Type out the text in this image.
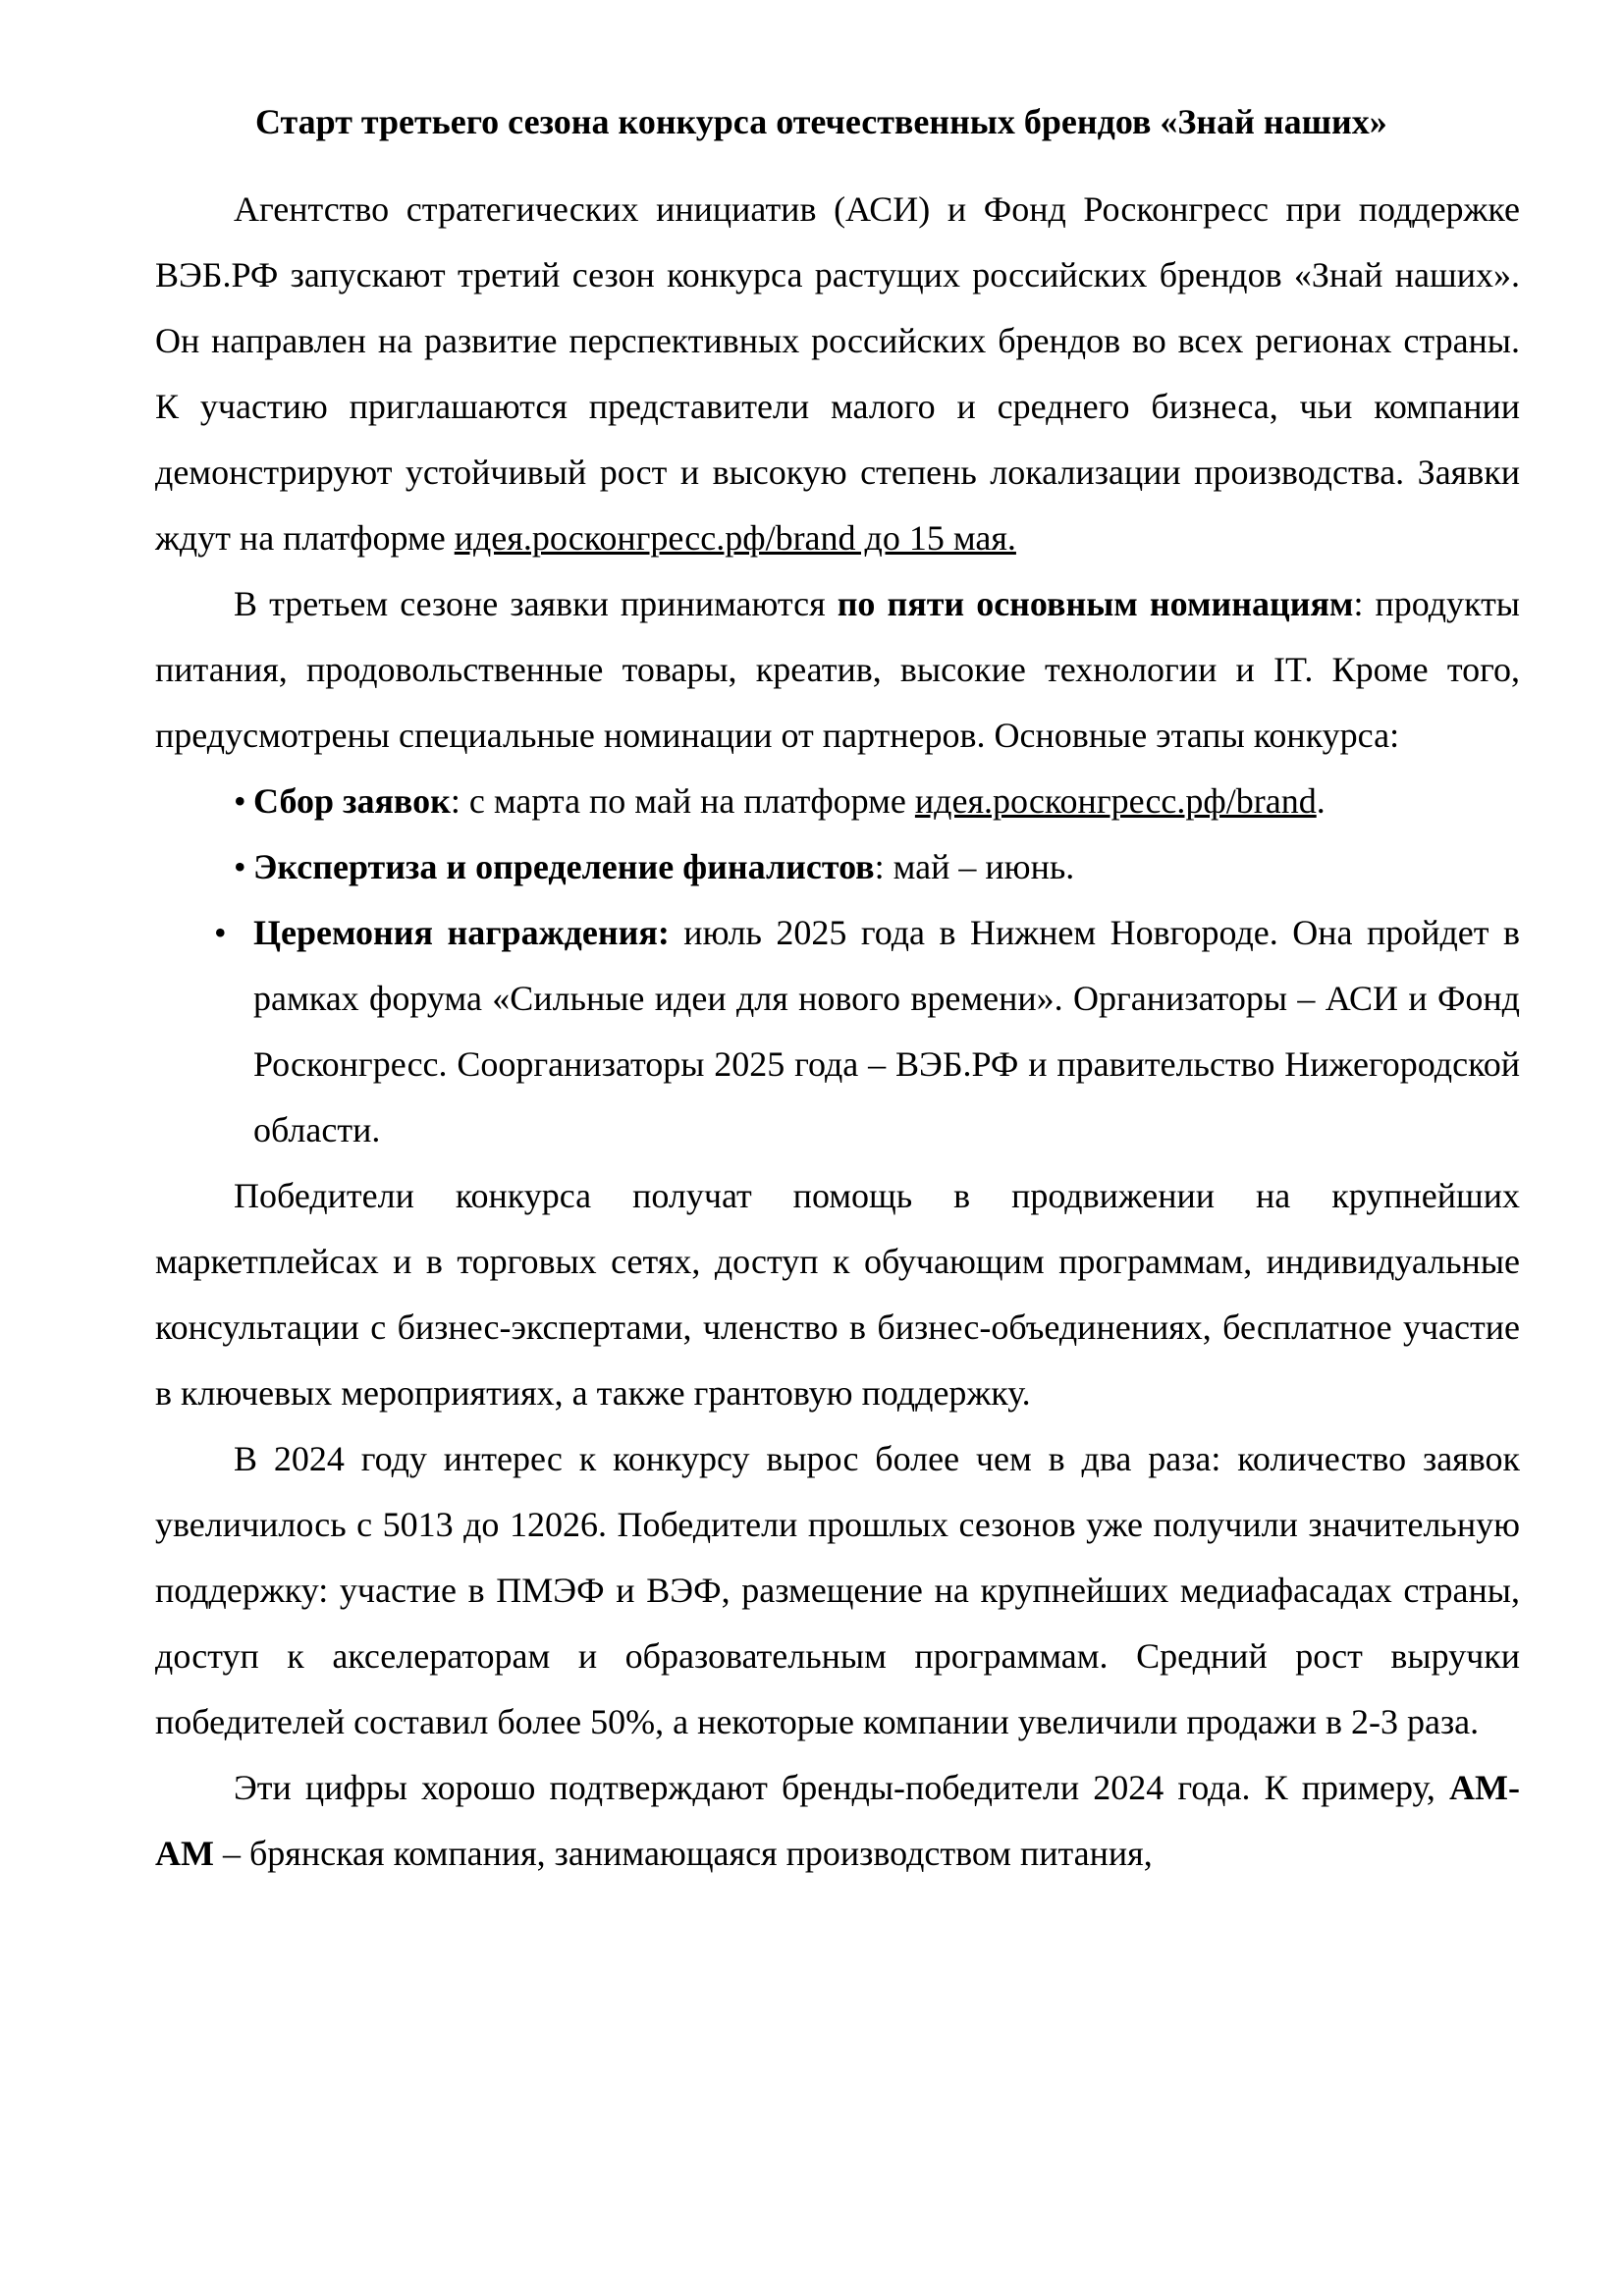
Старт третьего сезона конкурса отечественных брендов «Знай наших»

Агентство стратегических инициатив (АСИ) и Фонд Росконгресс при поддержке ВЭБ.РФ запускают третий сезон конкурса растущих российских брендов «Знай наших». Он направлен на развитие перспективных российских брендов во всех регионах страны. К участию приглашаются представители малого и среднего бизнеса, чьи компании демонстрируют устойчивый рост и высокую степень локализации производства. Заявки ждут на платформе идея.росконгресс.рф/brand до 15 мая.

В третьем сезоне заявки принимаются по пяти основным номинациям: продукты питания, продовольственные товары, креатив, высокие технологии и IT. Кроме того, предусмотрены специальные номинации от партнеров. Основные этапы конкурса:

• Сбор заявок: с марта по май на платформе идея.росконгресс.рф/brand.
• Экспертиза и определение финалистов: май – июнь.
• Церемония награждения: июль 2025 года в Нижнем Новгороде. Она пройдет в рамках форума «Сильные идеи для нового времени». Организаторы – АСИ и Фонд Росконгресс. Соорганизаторы 2025 года – ВЭБ.РФ и правительство Нижегородской области.

Победители конкурса получат помощь в продвижении на крупнейших маркетплейсах и в торговых сетях, доступ к обучающим программам, индивидуальные консультации с бизнес-экспертами, членство в бизнес-объединениях, бесплатное участие в ключевых мероприятиях, а также грантовую поддержку.

В 2024 году интерес к конкурсу вырос более чем в два раза: количество заявок увеличилось с 5013 до 12026. Победители прошлых сезонов уже получили значительную поддержку: участие в ПМЭФ и ВЭФ, размещение на крупнейших медиафасадах страны, доступ к акселераторам и образовательным программам. Средний рост выручки победителей составил более 50%, а некоторые компании увеличили продажи в 2-3 раза.

Эти цифры хорошо подтверждают бренды-победители 2024 года. К примеру, AM-AM – брянская компания, занимающаяся производством питания,
